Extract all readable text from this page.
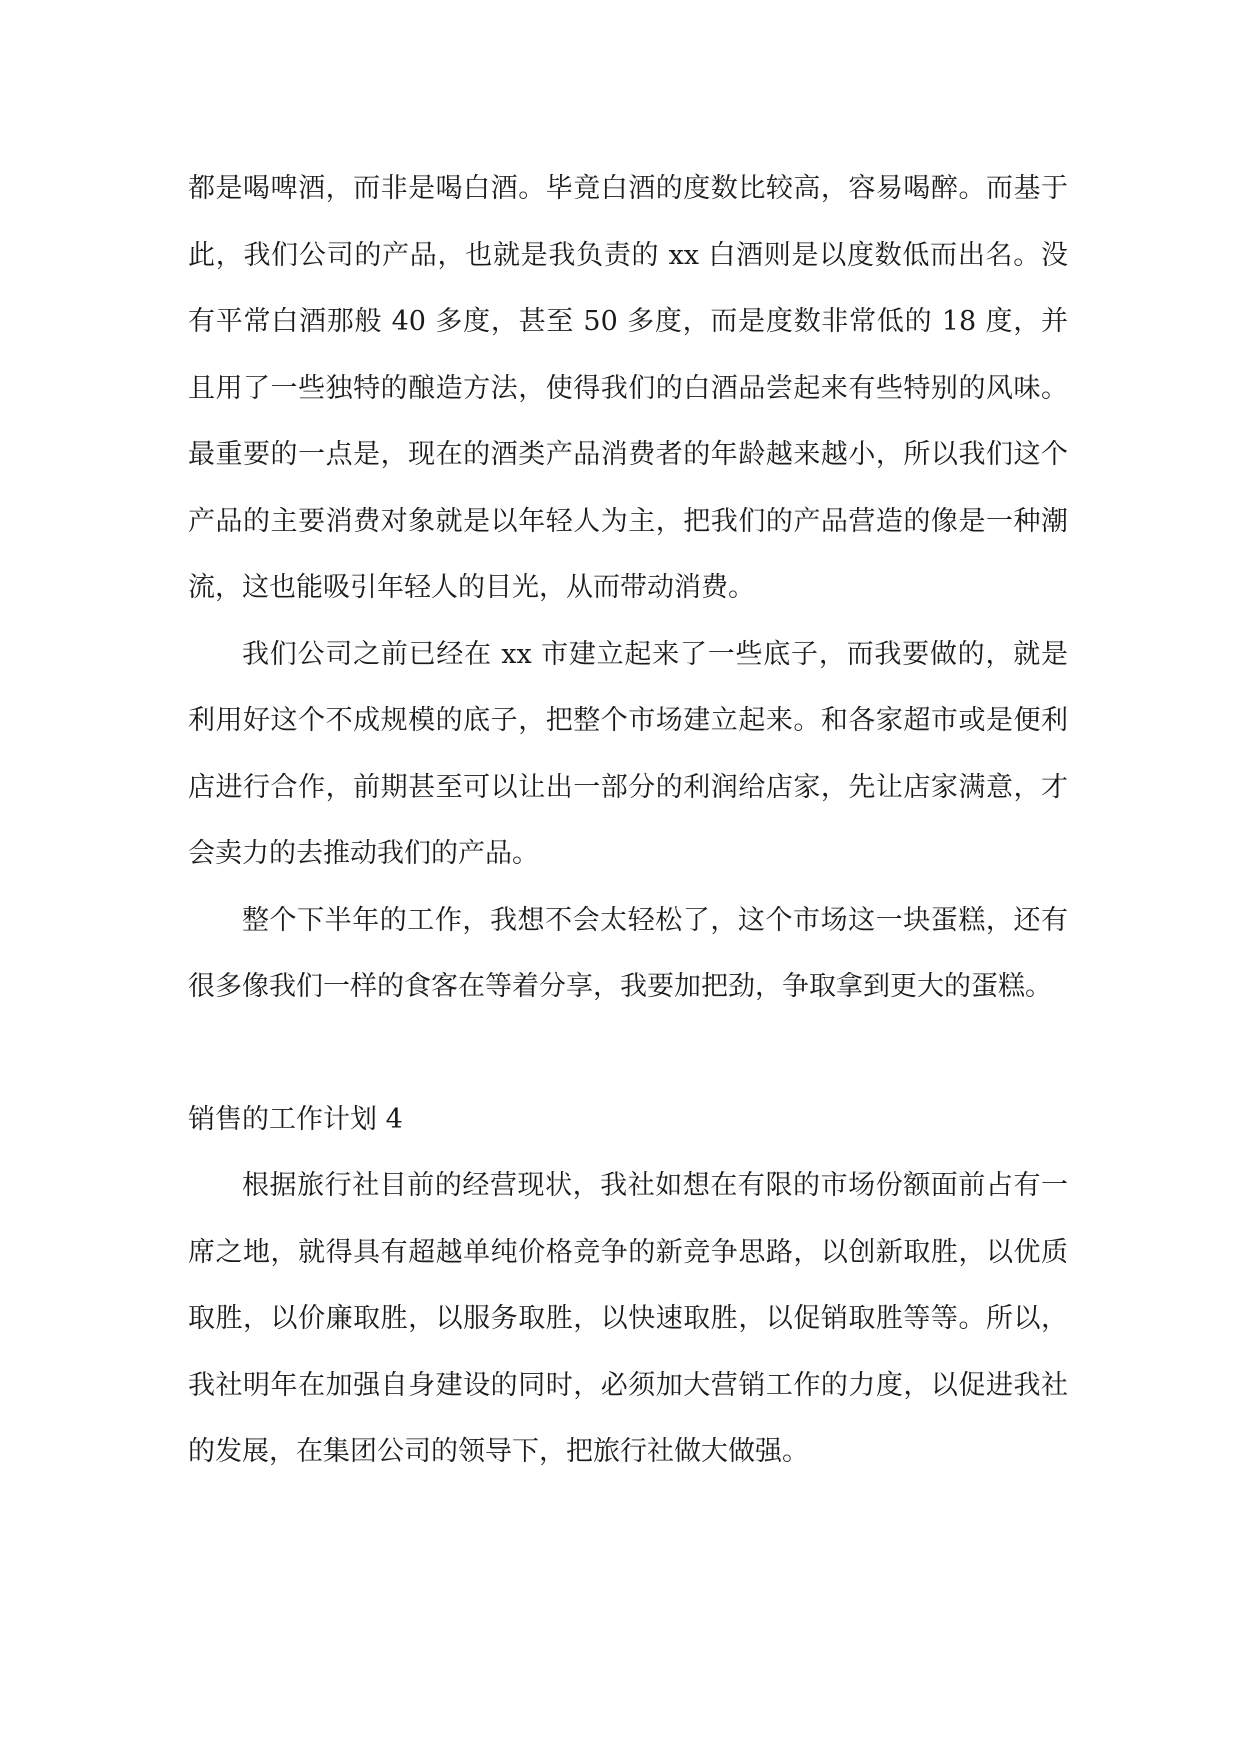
都是喝啤酒，而非是喝白酒。毕竟白酒的度数比较高，容易喝醉。而基于此，我们公司的产品，也就是我负责的 xx 白酒则是以度数低而出名。没有平常白酒那般 40 多度，甚至 50 多度，而是度数非常低的 18 度，并且用了一些独特的酿造方法，使得我们的白酒品尝起来有些特别的风味。最重要的一点是，现在的酒类产品消费者的年龄越来越小，所以我们这个产品的主要消费对象就是以年轻人为主，把我们的产品营造的像是一种潮流，这也能吸引年轻人的目光，从而带动消费。

我们公司之前已经在 xx 市建立起来了一些底子，而我要做的，就是利用好这个不成规模的底子，把整个市场建立起来。和各家超市或是便利店进行合作，前期甚至可以让出一部分的利润给店家，先让店家满意，才会卖力的去推动我们的产品。

整个下半年的工作，我想不会太轻松了，这个市场这一块蛋糕，还有很多像我们一样的食客在等着分享，我要加把劲，争取拿到更大的蛋糕。

销售的工作计划 4

根据旅行社目前的经营现状，我社如想在有限的市场份额面前占有一席之地，就得具有超越单纯价格竞争的新竞争思路，以创新取胜，以优质取胜，以价廉取胜，以服务取胜，以快速取胜，以促销取胜等等。所以，我社明年在加强自身建设的同时，必须加大营销工作的力度，以促进我社的发展，在集团公司的领导下，把旅行社做大做强。
